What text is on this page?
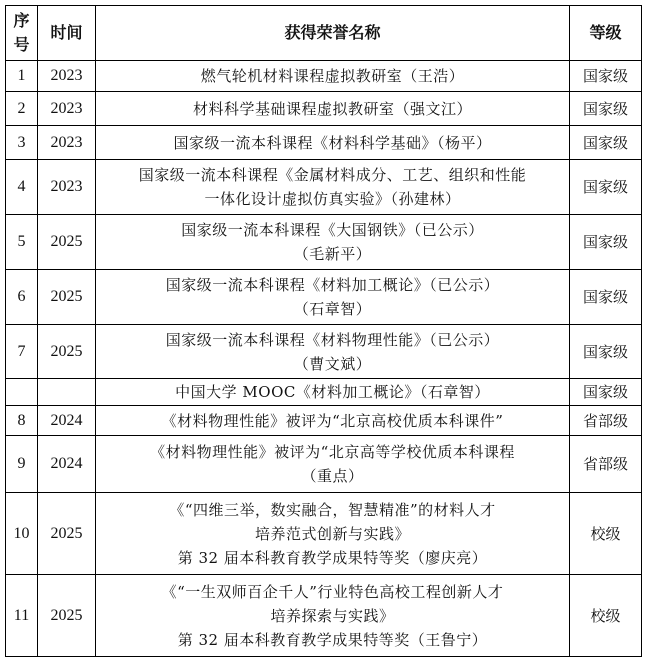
序号	时间	获得荣誉名称	等级
1	2023	燃气轮机材料课程虚拟教研室（王浩）	国家级
2	2023	材料科学基础课程虚拟教研室（强文江）	国家级
3	2023	国家级一流本科课程《材料科学基础》（杨平）	国家级
4	2023	国家级一流本科课程《金属材料成分、工艺、组织和性能
一体化设计虚拟仿真实验》（孙建林）	国家级
5	2025	国家级一流本科课程《大国钢铁》（已公示）
（毛新平）	国家级
6	2025	国家级一流本科课程《材料加工概论》（已公示）
（石章智）	国家级
7	2025	国家级一流本科课程《材料物理性能》（已公示）
（曹文斌）	国家级

		中国大学 MOOC《材料加工概论》（石章智）	国家级
8	2024	《材料物理性能》被评为“北京高校优质本科课件”	省部级
9	2024	《材料物理性能》被评为“北京高等学校优质本科课程
（重点）	省部级
10	2025	《“四维三举，数实融合，智慧精准”的材料人才
培养范式创新与实践》
第 32 届本科教育教学成果特等奖（廖庆亮）	校级
11	2025	《“一生双师百企千人”行业特色高校工程创新人才
培养探索与实践》
第 32 届本科教育教学成果特等奖（王鲁宁）	校级
